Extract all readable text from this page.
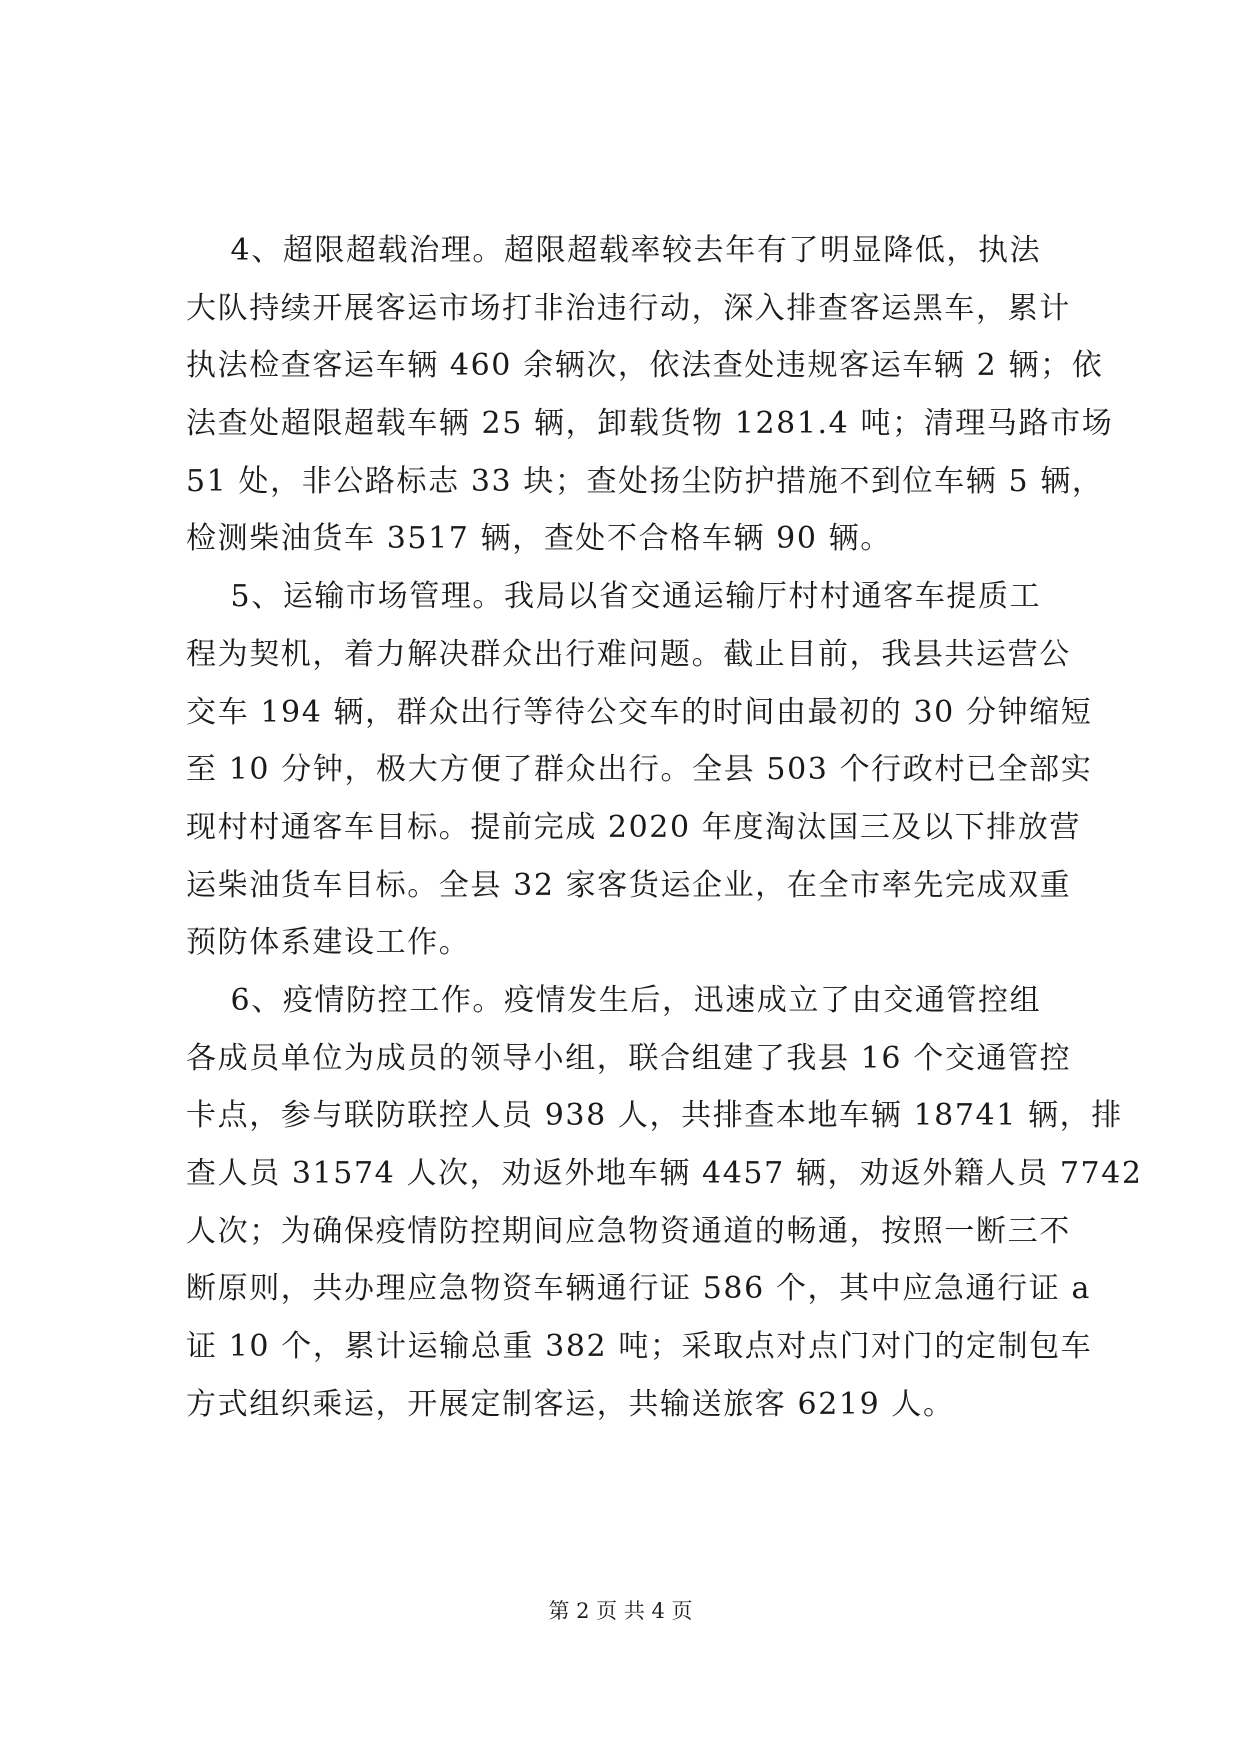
4、超限超载治理。超限超载率较去年有了明显降低，执法
大队持续开展客运市场打非治违行动，深入排查客运黑车，累计
执法检查客运车辆 460 余辆次，依法查处违规客运车辆 2 辆；依
法查处超限超载车辆 25 辆，卸载货物 1281.4 吨；清理马路市场
51 处，非公路标志 33 块；查处扬尘防护措施不到位车辆 5 辆，
检测柴油货车 3517 辆，查处不合格车辆 90 辆。
5、运输市场管理。我局以省交通运输厅村村通客车提质工
程为契机，着力解决群众出行难问题。截止目前，我县共运营公
交车 194 辆，群众出行等待公交车的时间由最初的 30 分钟缩短
至 10 分钟，极大方便了群众出行。全县 503 个行政村已全部实
现村村通客车目标。提前完成 2020 年度淘汰国三及以下排放营
运柴油货车目标。全县 32 家客货运企业，在全市率先完成双重
预防体系建设工作。
6、疫情防控工作。疫情发生后，迅速成立了由交通管控组
各成员单位为成员的领导小组，联合组建了我县 16 个交通管控
卡点，参与联防联控人员 938 人，共排查本地车辆 18741 辆，排
查人员 31574 人次，劝返外地车辆 4457 辆，劝返外籍人员 7742
人次；为确保疫情防控期间应急物资通道的畅通，按照一断三不
断原则，共办理应急物资车辆通行证 586 个，其中应急通行证 a
证 10 个，累计运输总重 382 吨；采取点对点门对门的定制包车
方式组织乘运，开展定制客运，共输送旅客 6219 人。
第 2 页 共 4 页
